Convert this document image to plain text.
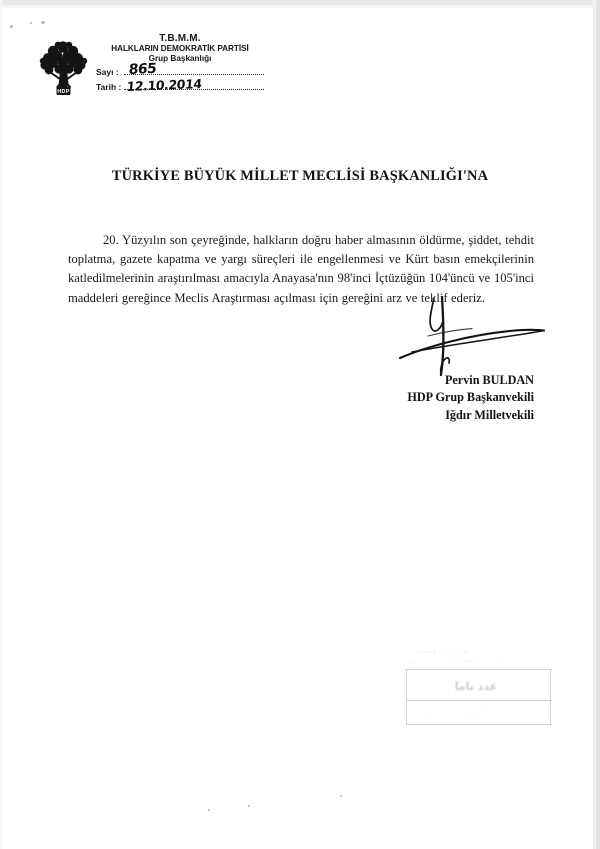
HDP
T.B.M.M.
HALKLARIN DEMOKRATİK PARTİSİ
Grup Başkanlığı
Sayı : 865
Tarih : 12.10.2014
TÜRKİYE BÜYÜK MİLLET MECLİSİ BAŞKANLIĞI'NA
20. Yüzyılın son çeyreğinde, halkların doğru haber almasının öldürme, şiddet, tehdit toplatma, gazete kapatma ve yargı süreçleri ile engellenmesi ve Kürt basın emekçilerinin katledilmelerinin araştırılması amacıyla Anayasa'nın 98'inci İçtüzüğün 104'üncü ve 105'inci maddeleri gereğince Meclis Araştırması açılması için gereğini arz ve teklif ederiz.
Pervin BULDAN
HDP Grup Başkanvekili
Iğdır Milletvekili
· · ·,·:·~·٠ ،.ا ,·.· ·.·, ·. ···ا
--. ·· - · ·· ·.· ·.·-~·· · ·· - · ·· ·
· · · ·· · ·· ·· · ·· ·
عدد ناما
. · · ·· ·· · ·· ·· · ·· ···
· · · ,· · · · · · ·,·:·
